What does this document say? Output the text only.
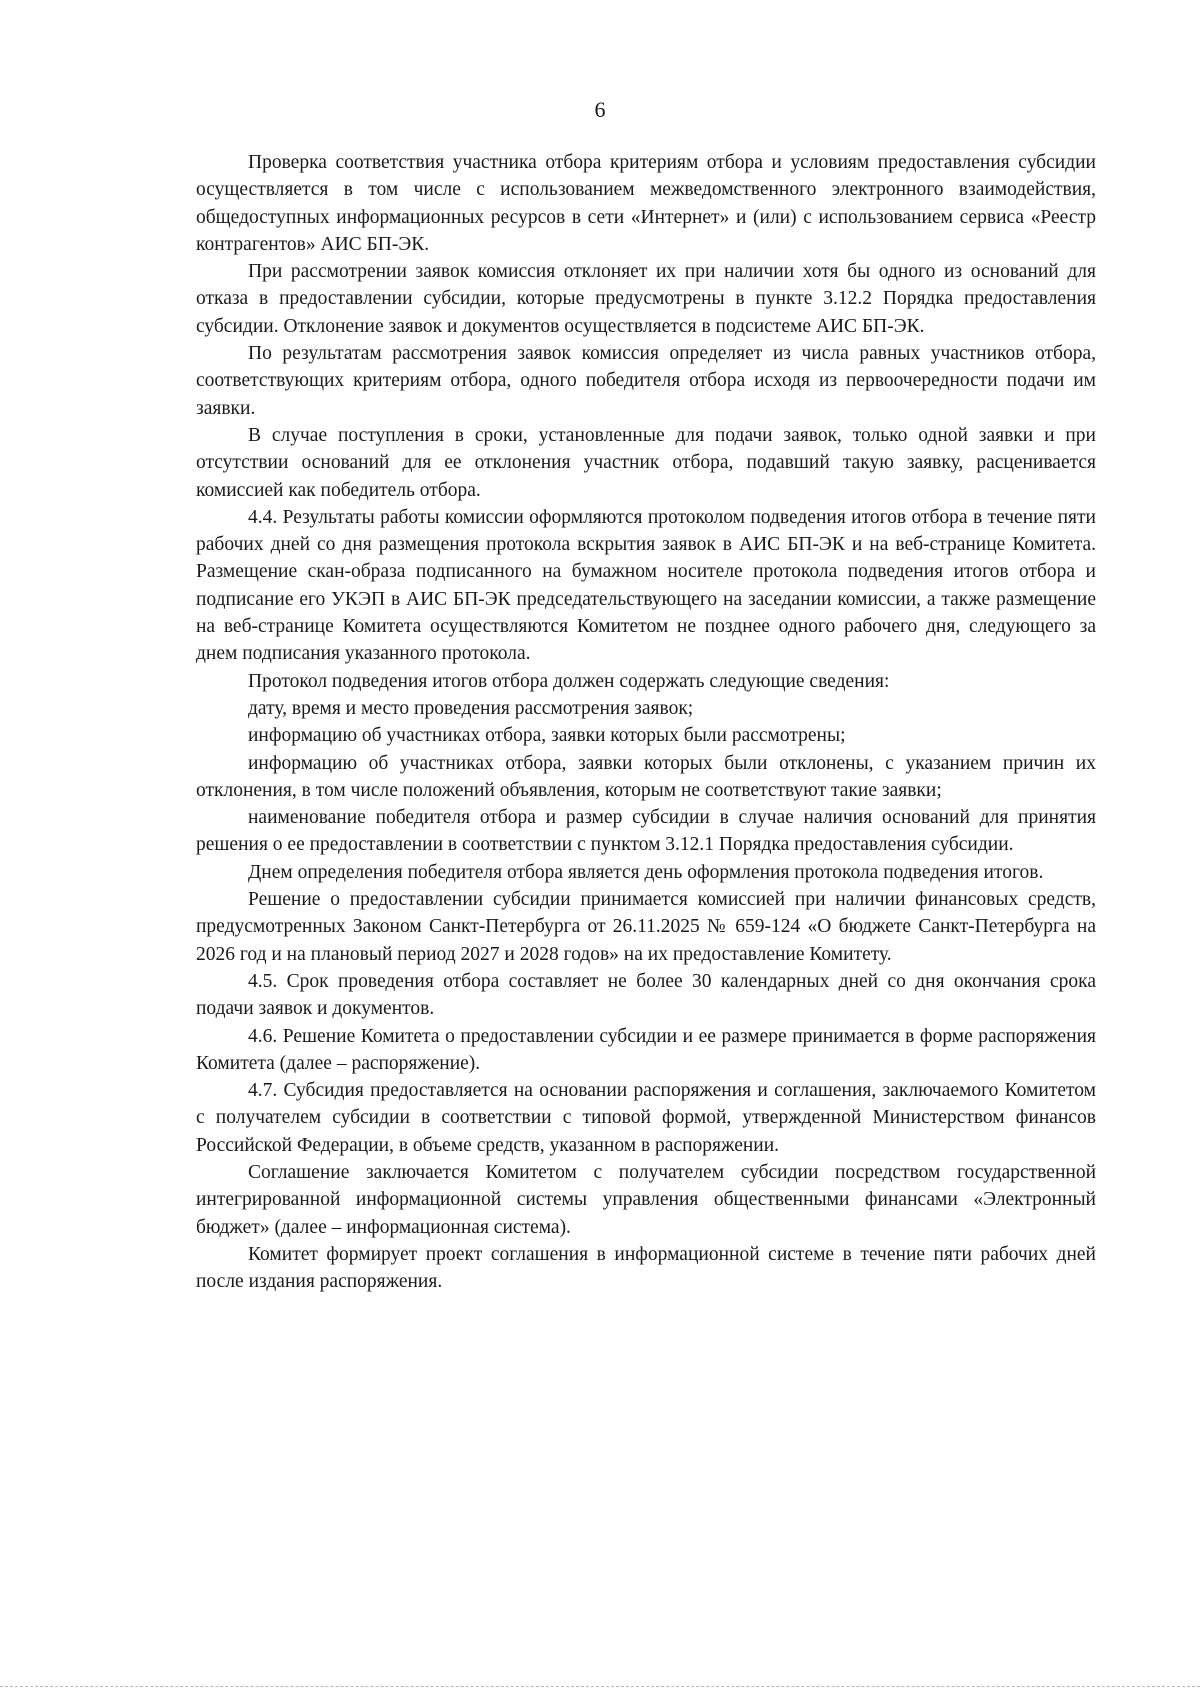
6

Проверка соответствия участника отбора критериям отбора и условиям предоставления субсидии осуществляется в том числе с использованием межведомственного электронного взаимодействия, общедоступных информационных ресурсов в сети «Интернет» и (или) с использованием сервиса «Реестр контрагентов» АИС БП-ЭК.

При рассмотрении заявок комиссия отклоняет их при наличии хотя бы одного из оснований для отказа в предоставлении субсидии, которые предусмотрены в пункте 3.12.2 Порядка предоставления субсидии. Отклонение заявок и документов осуществляется в подсистеме АИС БП-ЭК.

По результатам рассмотрения заявок комиссия определяет из числа равных участников отбора, соответствующих критериям отбора, одного победителя отбора исходя из первоочередности подачи им заявки.

В случае поступления в сроки, установленные для подачи заявок, только одной заявки и при отсутствии оснований для ее отклонения участник отбора, подавший такую заявку, расценивается комиссией как победитель отбора.

4.4. Результаты работы комиссии оформляются протоколом подведения итогов отбора в течение пяти рабочих дней со дня размещения протокола вскрытия заявок в АИС БП-ЭК и на веб-странице Комитета. Размещение скан-образа подписанного на бумажном носителе протокола подведения итогов отбора и подписание его УКЭП в АИС БП-ЭК председательствующего на заседании комиссии, а также размещение на веб-странице Комитета осуществляются Комитетом не позднее одного рабочего дня, следующего за днем подписания указанного протокола.

Протокол подведения итогов отбора должен содержать следующие сведения:

дату, время и место проведения рассмотрения заявок;

информацию об участниках отбора, заявки которых были рассмотрены;

информацию об участниках отбора, заявки которых были отклонены, с указанием причин их отклонения, в том числе положений объявления, которым не соответствуют такие заявки;

наименование победителя отбора и размер субсидии в случае наличия оснований для принятия решения о ее предоставлении в соответствии с пунктом 3.12.1 Порядка предоставления субсидии.

Днем определения победителя отбора является день оформления протокола подведения итогов.

Решение о предоставлении субсидии принимается комиссией при наличии финансовых средств, предусмотренных Законом Санкт-Петербурга от 26.11.2025 № 659-124 «О бюджете Санкт-Петербурга на 2026 год и на плановый период 2027 и 2028 годов» на их предоставление Комитету.

4.5. Срок проведения отбора составляет не более 30 календарных дней со дня окончания срока подачи заявок и документов.

4.6. Решение Комитета о предоставлении субсидии и ее размере принимается в форме распоряжения Комитета (далее – распоряжение).

4.7. Субсидия предоставляется на основании распоряжения и соглашения, заключаемого Комитетом с получателем субсидии в соответствии с типовой формой, утвержденной Министерством финансов Российской Федерации, в объеме средств, указанном в распоряжении.

Соглашение заключается Комитетом с получателем субсидии посредством государственной интегрированной информационной системы управления общественными финансами «Электронный бюджет» (далее – информационная система).

Комитет формирует проект соглашения в информационной системе в течение пяти рабочих дней после издания распоряжения.
